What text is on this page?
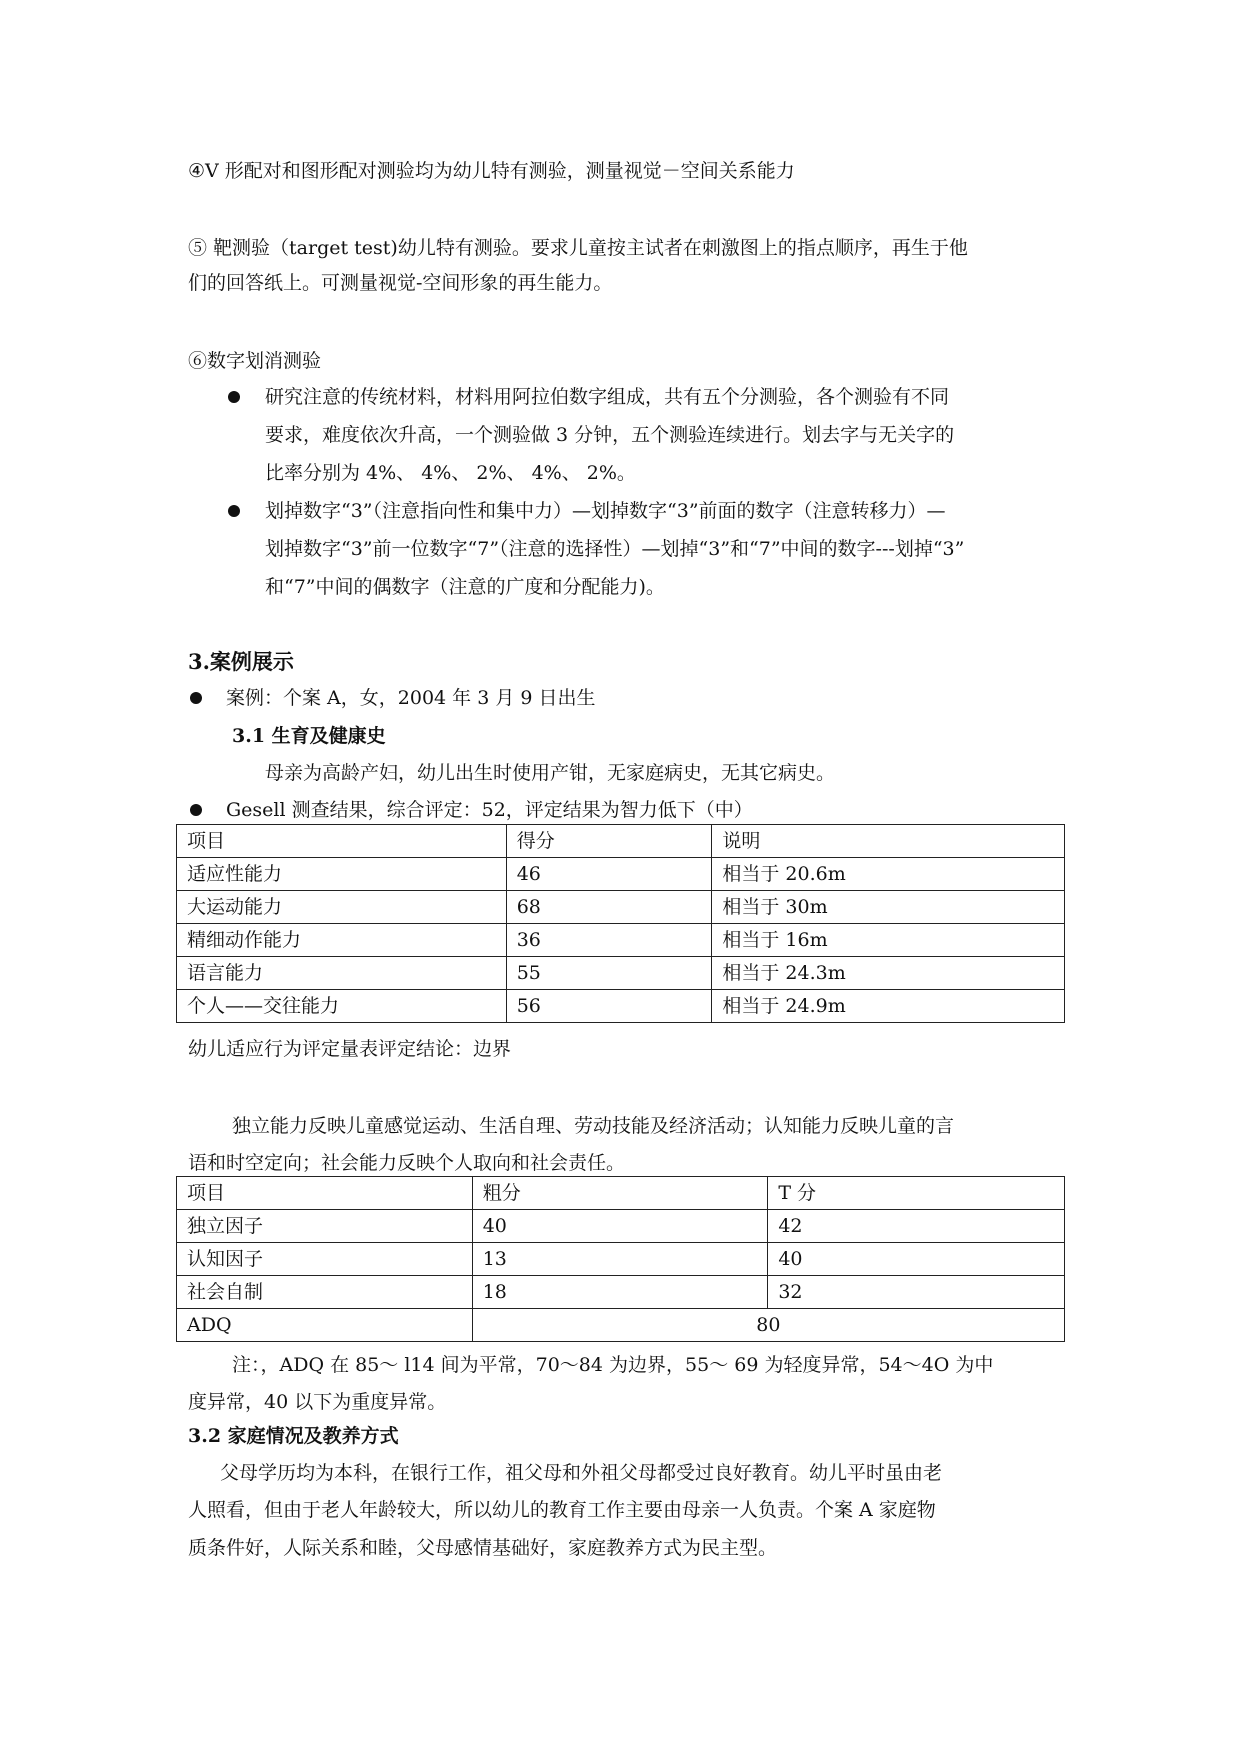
④V 形配对和图形配对测验均为幼儿特有测验，测量视觉－空间关系能力
⑤ 靶测验（target test)幼儿特有测验。要求儿童按主试者在刺激图上的指点顺序，再生于他
们的回答纸上。可测量视觉-空间形象的再生能力。
⑥数字划消测验
研究注意的传统材料，材料用阿拉伯数字组成，共有五个分测验，各个测验有不同
要求，难度依次升高，一个测验做 3 分钟，五个测验连续进行。划去字与无关字的
比率分别为 4%、 4%、 2%、 4%、 2%。
划掉数字“3”（注意指向性和集中力）—划掉数字“3”前面的数字（注意转移力）—
划掉数字“3”前一位数字“7”（注意的选择性）—划掉“3”和“7”中间的数字---划掉“3”
和“7”中间的偶数字（注意的广度和分配能力)。
3.案例展示
案例：个案 A，女，2004 年 3 月 9 日出生
3.1 生育及健康史
母亲为高龄产妇，幼儿出生时使用产钳，无家庭病史，无其它病史。
Gesell 测查结果，综合评定：52，评定结果为智力低下（中）
项目	得分	说明
适应性能力	46	相当于 20.6m
大运动能力	68	相当于 30m
精细动作能力	36	相当于 16m
语言能力	55	相当于 24.3m
个人——交往能力	56	相当于 24.9m
幼儿适应行为评定量表评定结论：边界
独立能力反映儿童感觉运动、生活自理、劳动技能及经济活动；认知能力反映儿童的言
语和时空定向；社会能力反映个人取向和社会责任。
项目	粗分	T 分
独立因子	40	42
认知因子	13	40
社会自制	18	32
ADQ	80	
注：，ADQ 在 85～ l14 间为平常，70～84 为边界，55～ 69 为轻度异常，54～4O 为中
度异常，40 以下为重度异常。
3.2 家庭情况及教养方式
父母学历均为本科，在银行工作，祖父母和外祖父母都受过良好教育。幼儿平时虽由老
人照看，但由于老人年龄较大，所以幼儿的教育工作主要由母亲一人负责。个案 A 家庭物
质条件好，人际关系和睦，父母感情基础好，家庭教养方式为民主型。
